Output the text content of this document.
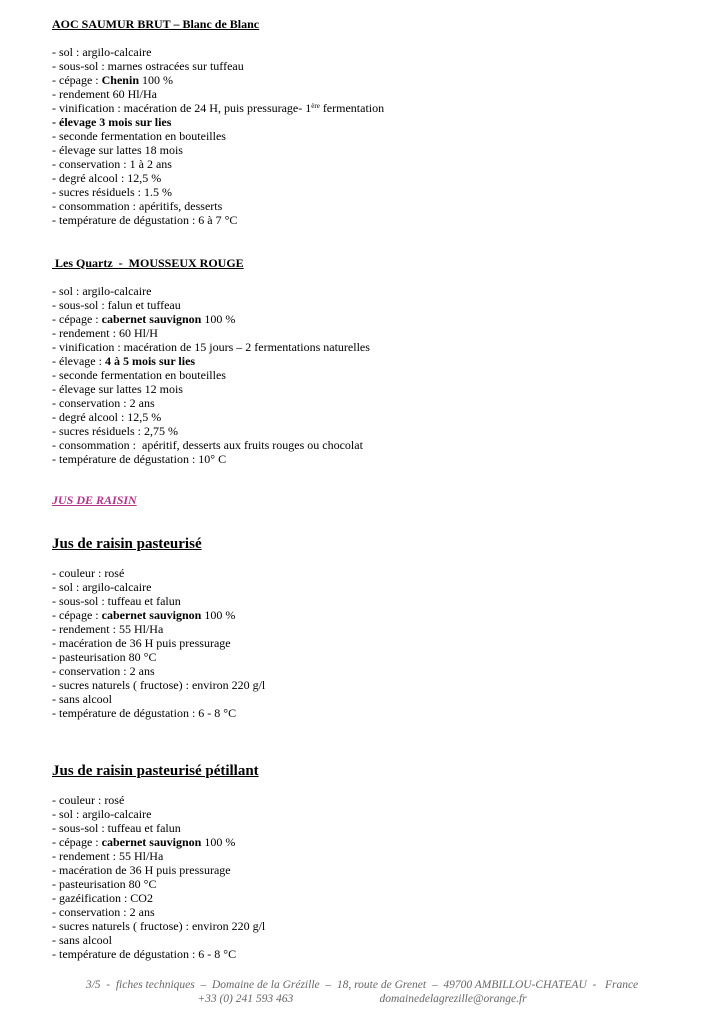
AOC SAUMUR BRUT – Blanc de Blanc
- sol : argilo-calcaire
- sous-sol : marnes ostracées sur tuffeau
- cépage : Chenin 100 %
- rendement 60 Hl/Ha
- vinification : macération de 24 H, puis pressurage- 1ère fermentation
- élevage 3 mois sur lies
- seconde fermentation en bouteilles
- élevage sur lattes 18 mois
- conservation : 1 à 2 ans
- degré alcool : 12,5 %
- sucres résiduels : 1.5 %
- consommation : apéritifs, desserts
- température de dégustation : 6 à 7 °C
Les Quartz  -  MOUSSEUX ROUGE
- sol : argilo-calcaire
- sous-sol : falun et tuffeau
- cépage : cabernet sauvignon 100 %
- rendement : 60 Hl/H
- vinification : macération de 15 jours – 2 fermentations naturelles
- élevage : 4 à 5 mois sur lies
- seconde fermentation en bouteilles
- élevage sur lattes 12 mois
- conservation : 2 ans
- degré alcool : 12,5 %
- sucres résiduels : 2,75 %
- consommation :  apéritif, desserts aux fruits rouges ou chocolat
- température de dégustation : 10° C
JUS DE RAISIN
Jus de raisin pasteurisé
- couleur : rosé
- sol : argilo-calcaire
- sous-sol : tuffeau et falun
- cépage : cabernet sauvignon 100 %
- rendement : 55 Hl/Ha
- macération de 36 H puis pressurage
- pasteurisation 80 °C
- conservation : 2 ans
- sucres naturels ( fructose) : environ 220 g/l
- sans alcool
- température de dégustation : 6 - 8 °C
Jus de raisin pasteurisé pétillant
- couleur : rosé
- sol : argilo-calcaire
- sous-sol : tuffeau et falun
- cépage : cabernet sauvignon 100 %
- rendement : 55 Hl/Ha
- macération de 36 H puis pressurage
- pasteurisation 80 °C
- gazéification : CO2
- conservation : 2 ans
- sucres naturels ( fructose) : environ 220 g/l
- sans alcool
- température de dégustation : 6 - 8 °C
3/5  -  fiches techniques  –  Domaine de la Grézille  –  18, route de Grenet  –  49700 AMBILLOU-CHATEAU  -   France
+33 (0) 241 593 463                              domainedelagrezille@orange.fr
